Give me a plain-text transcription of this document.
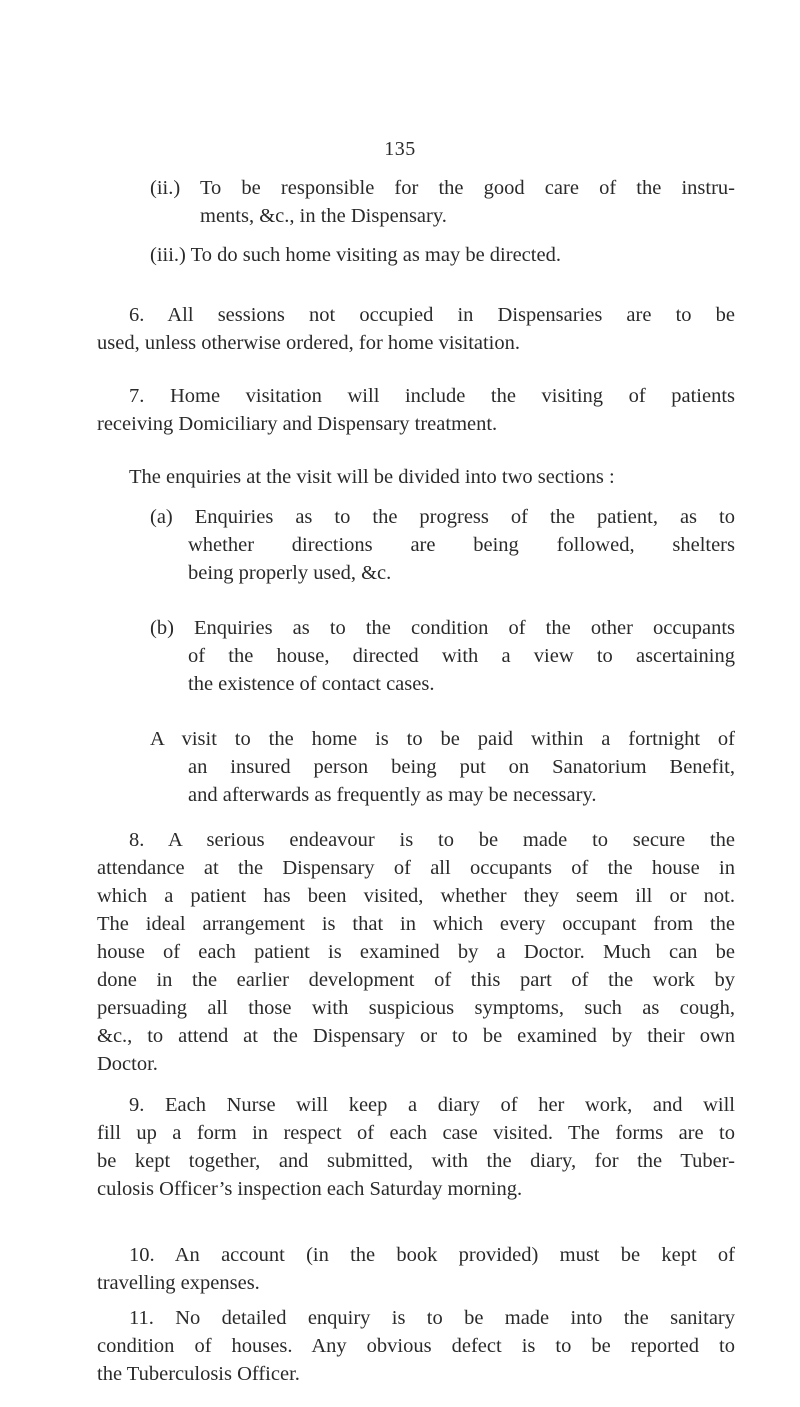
135
(ii.) To be responsible for the good care of the instru-
ments, &c., in the Dispensary.
(iii.) To do such home visiting as may be directed.
6. All sessions not occupied in Dispensaries are to be
used, unless otherwise ordered, for home visitation.
7. Home visitation will include the visiting of patients
receiving Domiciliary and Dispensary treatment.
The enquiries at the visit will be divided into two sections :
(a) Enquiries as to the progress of the patient, as to
whether directions are being followed, shelters
being properly used, &c.
(b) Enquiries as to the condition of the other occupants
of the house, directed with a view to ascertaining
the existence of contact cases.
A visit to the home is to be paid within a fortnight of
an insured person being put on Sanatorium Benefit,
and afterwards as frequently as may be necessary.
8. A serious endeavour is to be made to secure the
attendance at the Dispensary of all occupants of the house in
which a patient has been visited, whether they seem ill or not.
The ideal arrangement is that in which every occupant from the
house of each patient is examined by a Doctor. Much can be
done in the earlier development of this part of the work by
persuading all those with suspicious symptoms, such as cough,
&c., to attend at the Dispensary or to be examined by their own
Doctor.
9. Each Nurse will keep a diary of her work, and will
fill up a form in respect of each case visited. The forms are to
be kept together, and submitted, with the diary, for the Tuber-
culosis Officer’s inspection each Saturday morning.
10. An account (in the book provided) must be kept of
travelling expenses.
11. No detailed enquiry is to be made into the sanitary
condition of houses. Any obvious defect is to be reported to
the Tuberculosis Officer.
